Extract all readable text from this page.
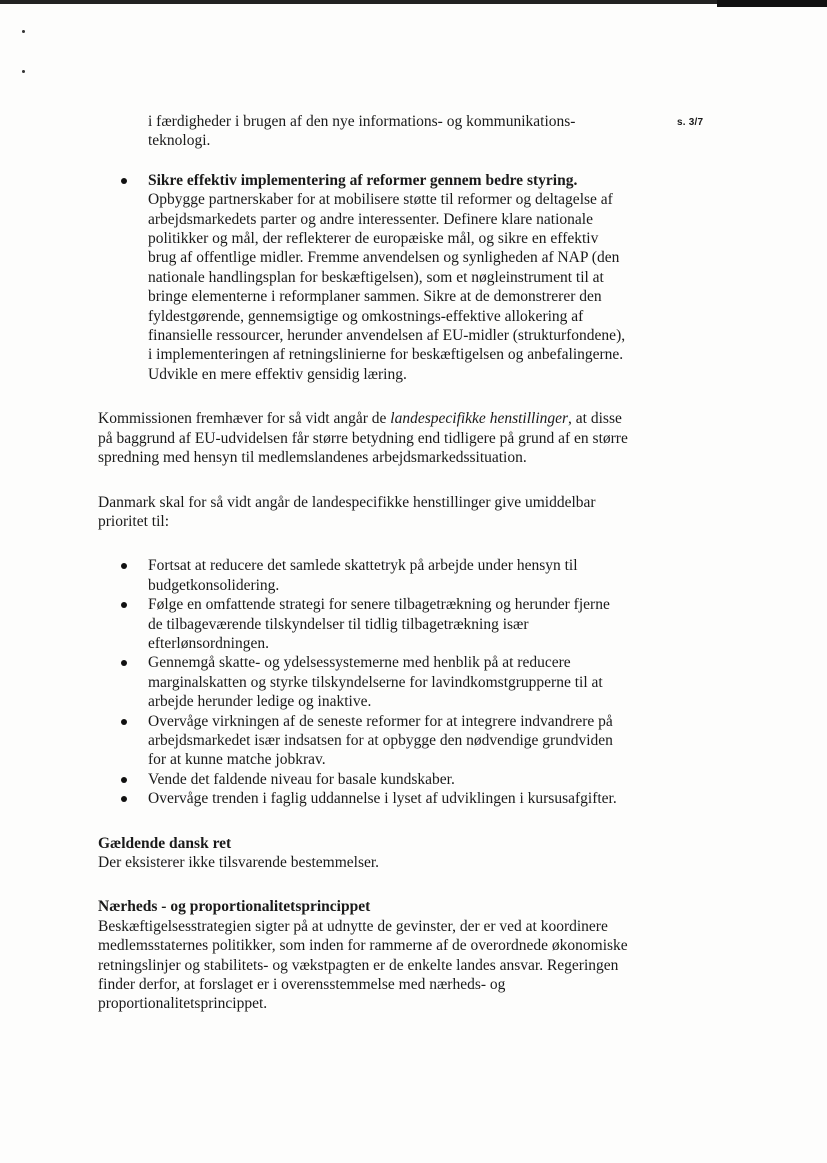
s. 3/7

i færdigheder i brugen af den nye informations- og kommunikations-teknologi.

Sikre effektiv implementering af reformer gennem bedre styring. Opbygge partnerskaber for at mobilisere støtte til reformer og deltagelse af arbejdsmarkedets parter og andre interessenter. Definere klare nationale politikker og mål, der reflekterer de europæiske mål, og sikre en effektiv brug af offentlige midler. Fremme anvendelsen og synligheden af NAP (den nationale handlingsplan for beskæftigelsen), som et nøgleinstrument til at bringe elementerne i reformplaner sammen. Sikre at de demonstrerer den fyldestgørende, gennemsigtige og omkostnings-effektive allokering af finansielle ressourcer, herunder anvendelsen af EU-midler (strukturfondene), i implementeringen af retningslinierne for beskæftigelsen og anbefalingerne. Udvikle en mere effektiv gensidig læring.

Kommissionen fremhæver for så vidt angår de landespecifikke henstillinger, at disse på baggrund af EU-udvidelsen får større betydning end tidligere på grund af en større spredning med hensyn til medlemslandenes arbejdsmarkedssituation.

Danmark skal for så vidt angår de landespecifikke henstillinger give umiddelbar prioritet til:

Fortsat at reducere det samlede skattetryk på arbejde under hensyn til budgetkonsolidering.
Følge en omfattende strategi for senere tilbagetrækning og herunder fjerne de tilbageværende tilskyndelser til tidlig tilbagetrækning især efterlønsordningen.
Gennemgå skatte- og ydelsessystemerne med henblik på at reducere marginalskatten og styrke tilskyndelserne for lavindkomstgrupperne til at arbejde herunder ledige og inaktive.
Overvåge virkningen af de seneste reformer for at integrere indvandrere på arbejdsmarkedet især indsatsen for at opbygge den nødvendige grundviden for at kunne matche jobkrav.
Vende det faldende niveau for basale kundskaber.
Overvåge trenden i faglig uddannelse i lyset af udviklingen i kursusafgifter.

Gældende dansk ret

Der eksisterer ikke tilsvarende bestemmelser.

Nærheds - og proportionalitetsprincippet

Beskæftigelsesstrategien sigter på at udnytte de gevinster, der er ved at koordinere medlemsstaternes politikker, som inden for rammerne af de overordnede økonomiske retningslinjer og stabilitets- og vækstpagten er de enkelte landes ansvar. Regeringen finder derfor, at forslaget er i overensstemmelse med nærheds- og proportionalitetsprincippet.
